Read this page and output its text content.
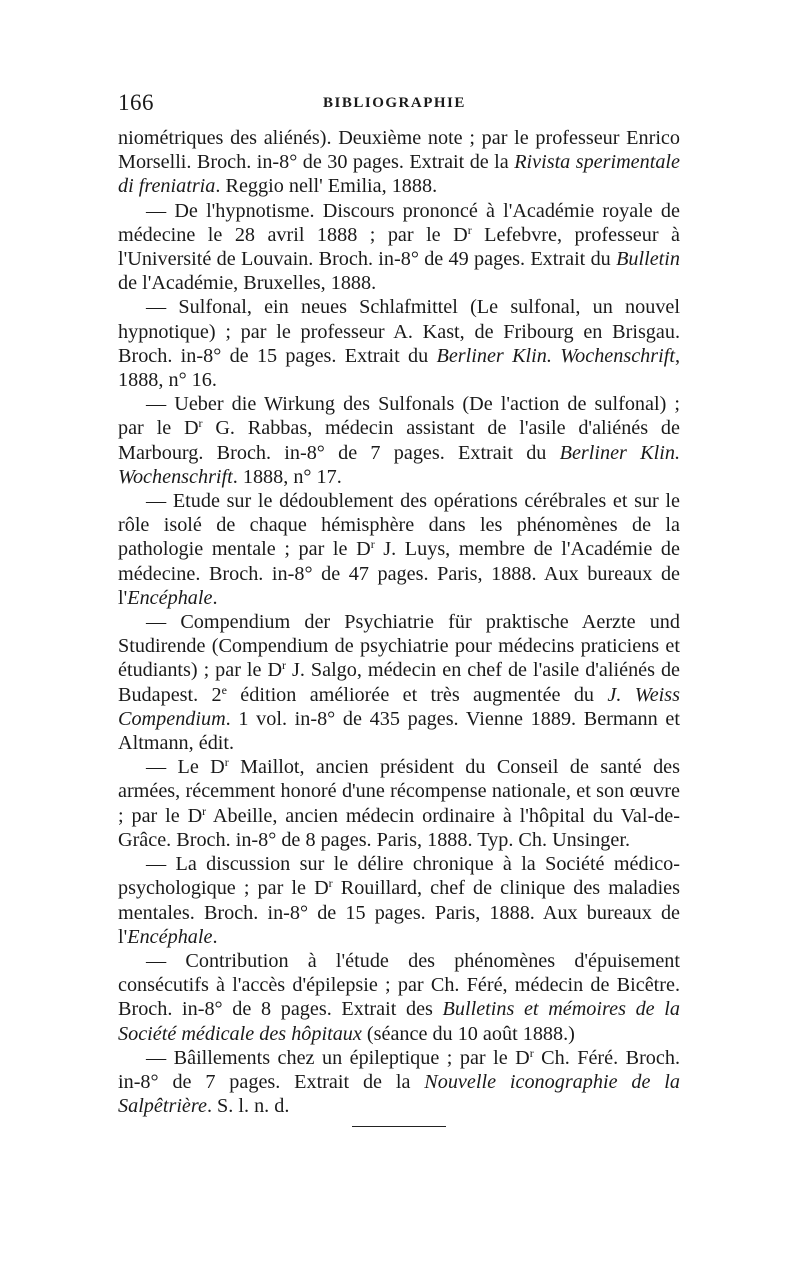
166	BIBLIOGRAPHIE

niométriques des aliénés). Deuxième note ; par le professeur Enrico Morselli. Broch. in-8° de 30 pages. Extrait de la Rivista sperimentale di freniatria. Reggio nell' Emilia, 1888.

— De l'hypnotisme. Discours prononcé à l'Académie royale de médecine le 28 avril 1888 ; par le $D^r$ Lefebvre, professeur à l'Université de Louvain. Broch. in-8° de 49 pages. Extrait du Bulletin de l'Académie, Bruxelles, 1888.

— Sulfonal, ein neues Schlafmittel (Le sulfonal, un nouvel hypnotique) ; par le professeur A. Kast, de Fribourg en Brisgau. Broch. in-8° de 15 pages. Extrait du Berliner Klin. Wochenschrift, 1888, n° 16.

— Ueber die Wirkung des Sulfonals (De l'action de sulfonal) ; par le $D^r$ G. Rabbas, médecin assistant de l'asile d'aliénés de Marbourg. Broch. in-8° de 7 pages. Extrait du Berliner Klin. Wochenschrift. 1888, n° 17.

— Etude sur le dédoublement des opérations cérébrales et sur le rôle isolé de chaque hémisphère dans les phénomènes de la pathologie mentale ; par le $D^r$ J. Luys, membre de l'Académie de médecine. Broch. in-8° de 47 pages. Paris, 1888. Aux bureaux de l'Encéphale.

— Compendium der Psychiatrie für praktische Aerzte und Studirende (Compendium de psychiatrie pour médecins praticiens et étudiants) ; par le $D^r$ J. Salgo, médecin en chef de l'asile d'aliénés de Budapest. 2e édition améliorée et très augmentée du J. Weiss Compendium. 1 vol. in-8° de 435 pages. Vienne 1889. Bermann et Altmann, édit.

— Le $D^r$ Maillot, ancien président du Conseil de santé des armées, récemment honoré d'une récompense nationale, et son œuvre ; par le $D^r$ Abeille, ancien médecin ordinaire à l'hôpital du Val-de-Grâce. Broch. in-8° de 8 pages. Paris, 1888. Typ. Ch. Unsinger.

— La discussion sur le délire chronique à la Société médico-psychologique ; par le $D^r$ Rouillard, chef de clinique des maladies mentales. Broch. in-8° de 15 pages. Paris, 1888. Aux bureaux de l'Encéphale.

— Contribution à l'étude des phénomènes d'épuisement consécutifs à l'accès d'épilepsie ; par Ch. Féré, médecin de Bicêtre. Broch. in-8° de 8 pages. Extrait des Bulletins et mémoires de la Société médicale des hôpitaux (séance du 10 août 1888.)

— Bâillements chez un épileptique ; par le $D^r$ Ch. Féré. Broch. in-8° de 7 pages. Extrait de la Nouvelle iconographie de la Salpêtrière. S. l. n. d.
